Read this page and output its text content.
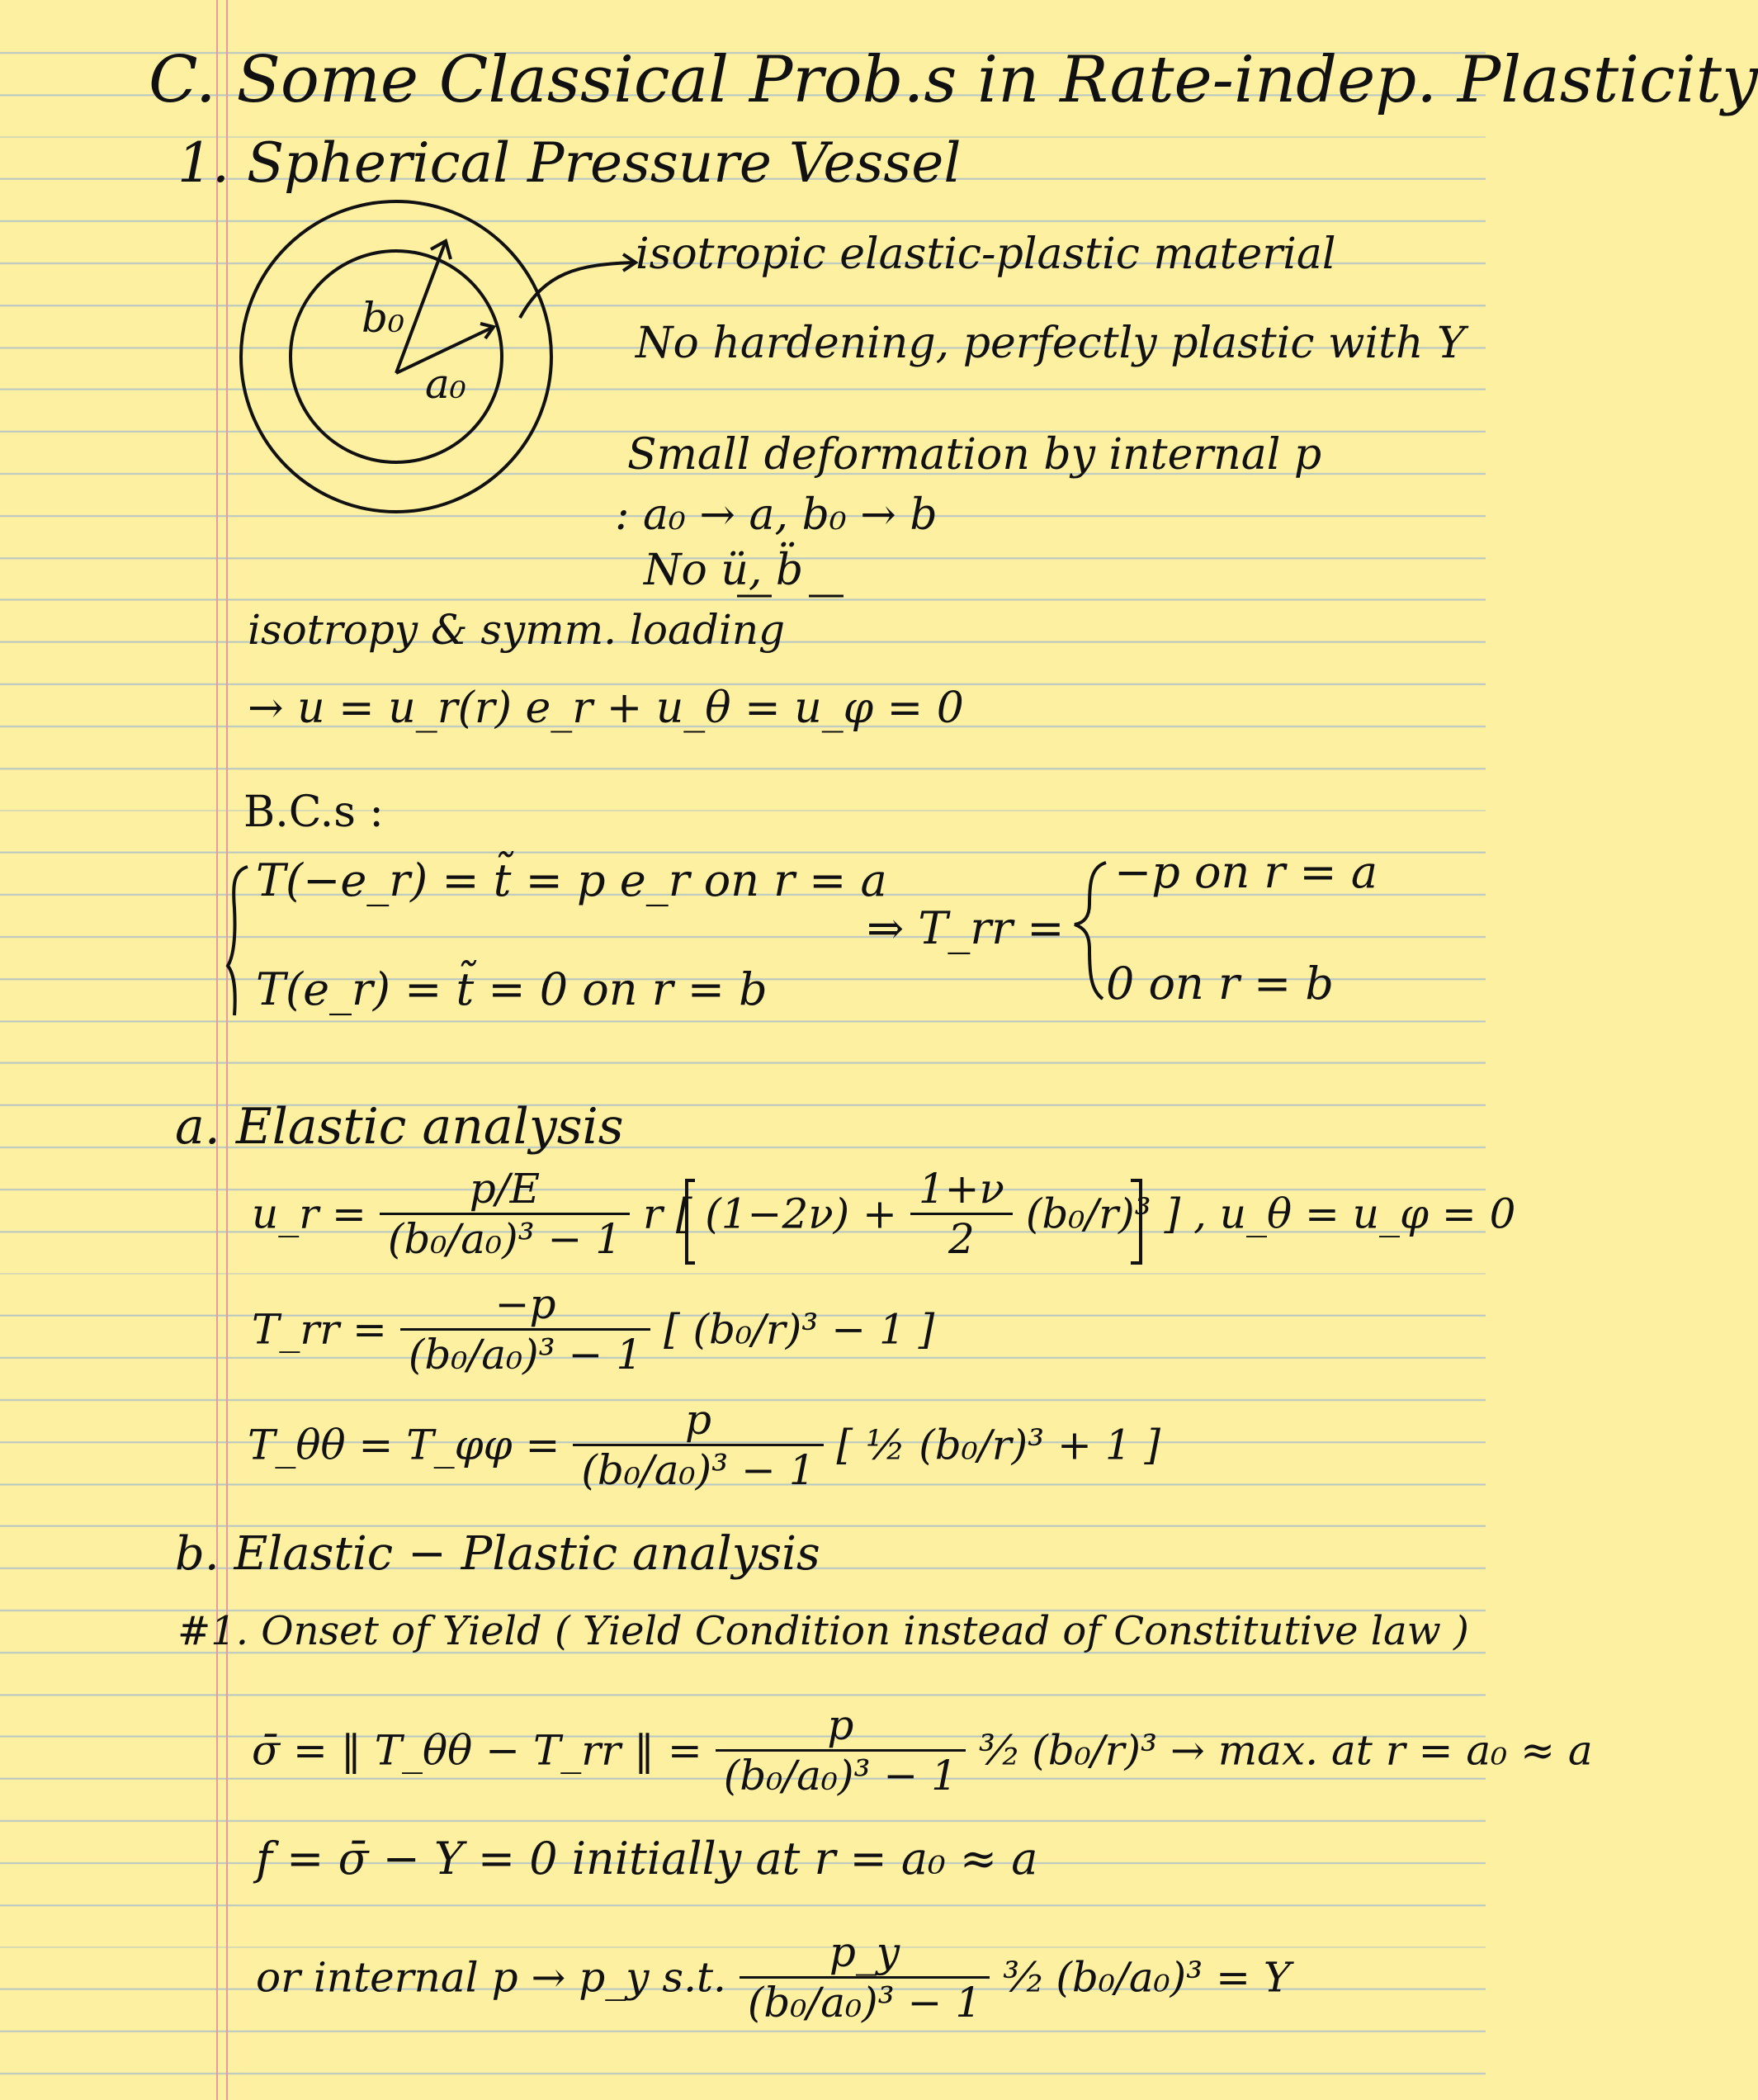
C. Some Classical Prob.s in Rate-indep. Plasticity
1. Spherical Pressure Vessel
b₀
a₀
isotropic elastic-plastic material
No hardening, perfectly plastic with Y
Small deformation by internal p
: a₀ → a, b₀ → b
No ü, b̈
isotropy & symm. loading
→ u = u_r(r) e_r + u_θ = u_φ = 0
B.C.s :
T(−e_r) = t̃ = p e_r on r = a
T(e_r) = t̃ = 0 on r = b
⇒ T_rr =
−p on r = a
0 on r = b
a. Elastic analysis
u_r = $\frac{p/E}{\text{(b₀/a₀)³ − 1}}$ r [ $(1-2\nu) + \frac{1+\nu}{2} (b_0/r)^3$ ] , u_θ = u_φ = 0
T_rr = $\frac{-p}{\text{(b₀/a₀)³ − 1}}$ [ (b₀/r)³ − 1 ]
T_θθ = T_φφ = $\frac{p}{\text{(b₀/a₀)³ − 1}}$ [ ½ (b₀/r)³ + 1 ]
b. Elastic − Plastic analysis
#1. Onset of Yield ( Yield Condition instead of Constitutive law )
σ̄ = ‖ T_θθ − T_rr ‖ = $\frac{p}{\text{(b₀/a₀)³ − 1}}$ ³⁄₂ (b₀/r)³ → max. at r = a₀ ≈ a
f = σ̄ − Y = 0 initially at r = a₀ ≈ a
or internal p → p_y s.t. $\frac{p\_y}{\text{(b₀/a₀)³ − 1}}$ ³⁄₂ (b₀/a₀)³ = Y
